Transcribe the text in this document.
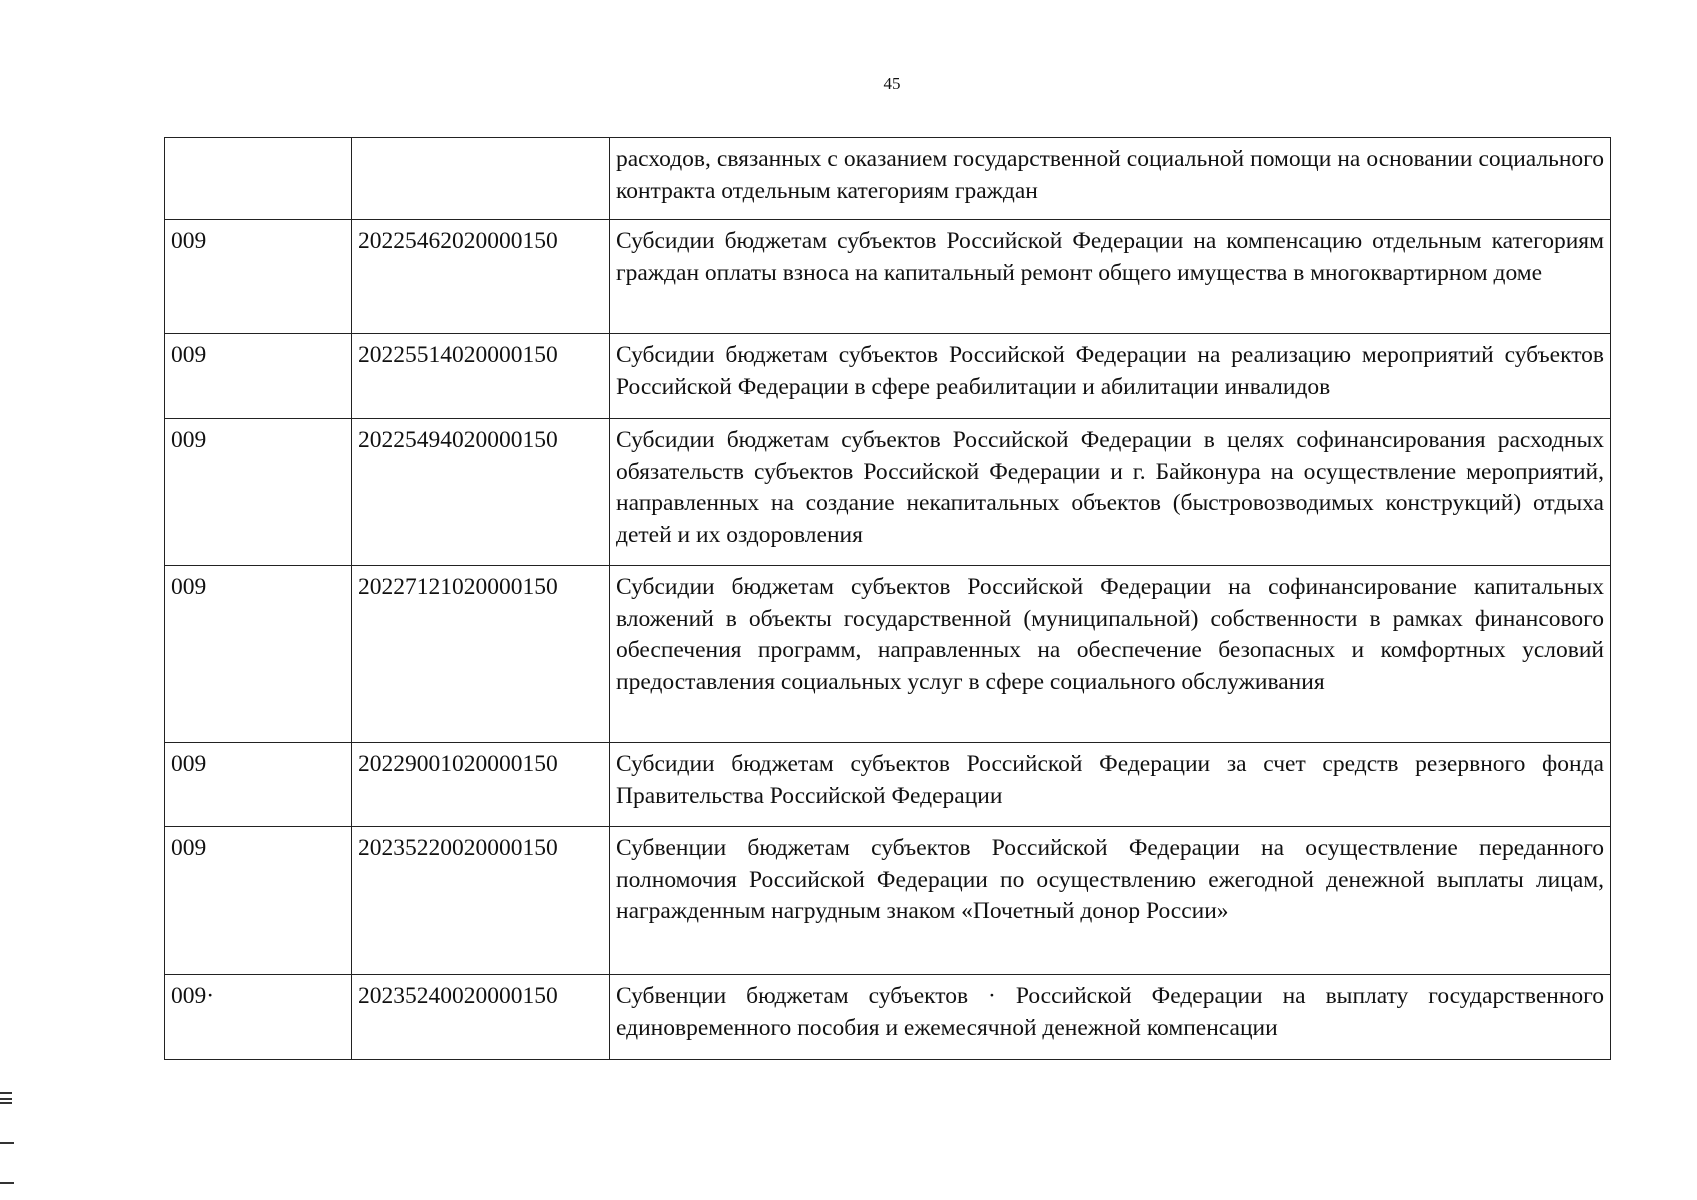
45
		расходов, связанных с оказанием государственной социальной помощи на основании социального контракта отдельным категориям граждан
009	20225462020000150	Субсидии бюджетам субъектов Российской Федерации на компенсацию отдельным категориям граждан оплаты взноса на капитальный ремонт общего имущества в многоквартирном доме
009	20225514020000150	Субсидии бюджетам субъектов Российской Федерации на реализацию мероприятий субъектов Российской Федерации в сфере реабилитации и абилитации инвалидов
009	20225494020000150	Субсидии бюджетам субъектов Российской Федерации в целях софинансирования расходных обязательств субъектов Российской Федерации и г. Байконура на осуществление мероприятий, направленных на создание некапитальных объектов (быстровозводимых конструкций) отдыха детей и их оздоровления
009	20227121020000150	Субсидии бюджетам субъектов Российской Федерации на софинансирование капитальных вложений в объекты государственной (муниципальной) собственности в рамках финансового обеспечения программ, направленных на обеспечение безопасных и комфортных условий предоставления социальных услуг в сфере социального обслуживания
009	20229001020000150	Субсидии бюджетам субъектов Российской Федерации за счет средств резервного фонда Правительства Российской Федерации
009	20235220020000150	Субвенции бюджетам субъектов Российской Федерации на осуществление переданного полномочия Российской Федерации по осуществлению ежегодной денежной выплаты лицам, награжденным нагрудным знаком «Почетный донор России»
009·	20235240020000150	Субвенции бюджетам субъектов · Российской Федерации на выплату государственного единовременного пособия и ежемесячной денежной компенсации
